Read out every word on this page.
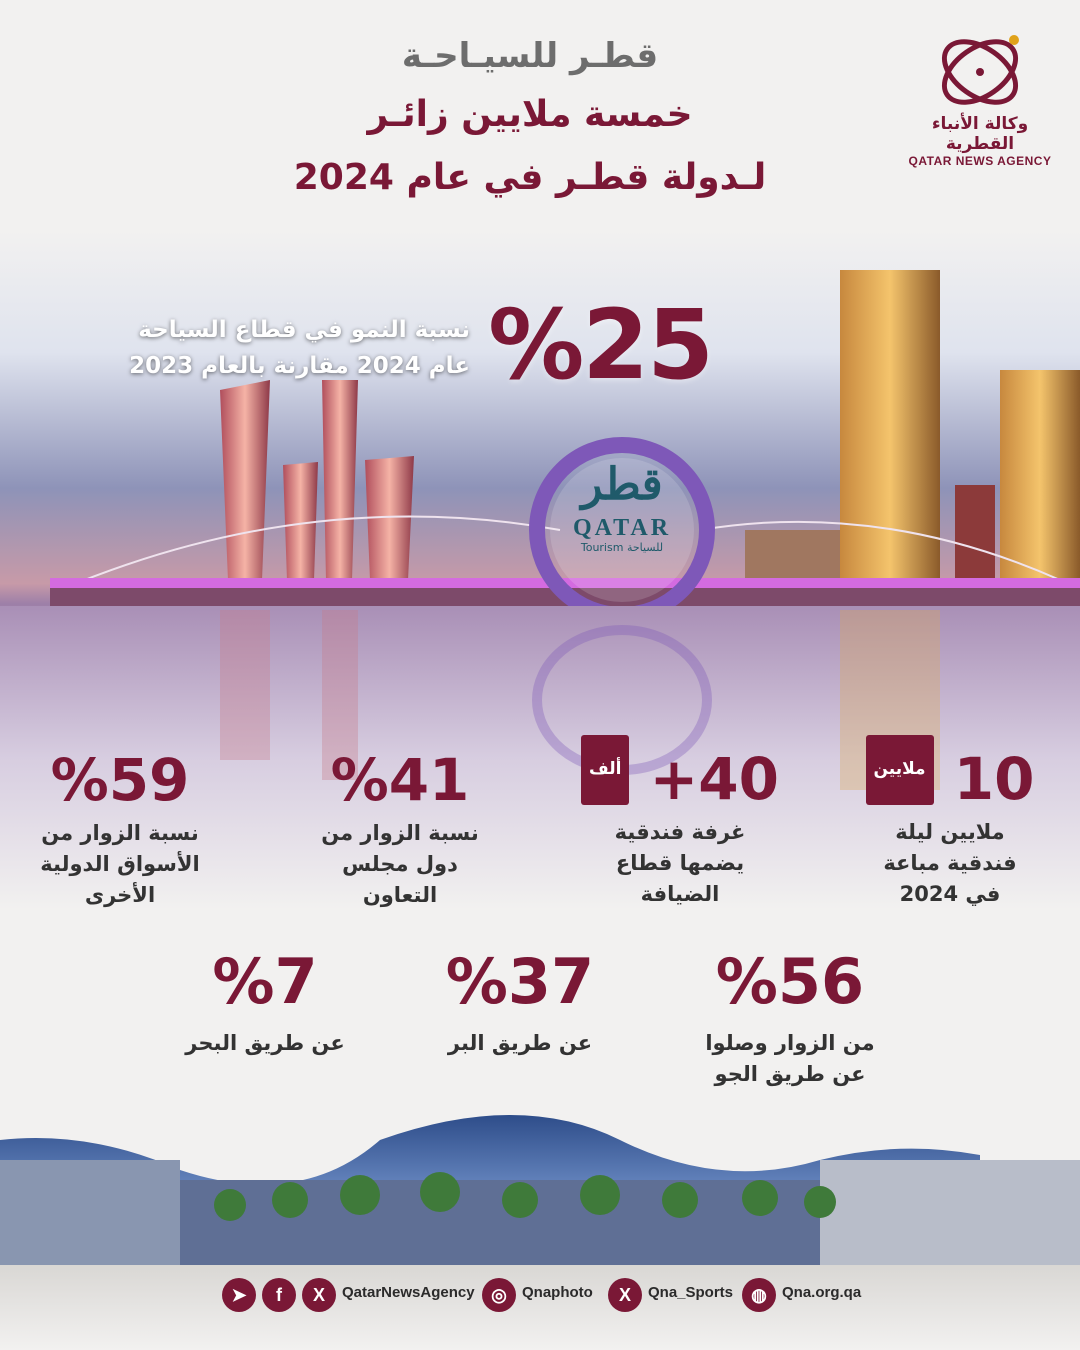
قطـر للسيـاحـة
خمسة ملايين زائـر
لـدولة قطـر في عام 2024
وكالة الأنباء القطرية
QATAR NEWS AGENCY
قطر
QATAR
Tourism للسياحة
%25
نسبة النمو في قطاع السياحة
عام 2024 مقارنة بالعام 2023
ملايين 10
ملايين ليلة
فندقية مباعة
في 2024
ألف +40
غرفة فندقية
يضمها قطاع
الضيافة
%41
نسبة الزوار من
دول مجلس
التعاون
%59
نسبة الزوار من
الأسواق الدولية
الأخرى
%56
من الزوار وصلوا
عن طريق الجو
%37
عن طريق البر
%7
عن طريق البحر
➤	f	X	QatarNewsAgency ◎	Qnaphoto	X	Qna_Sports	◍	Qna.org.qa
